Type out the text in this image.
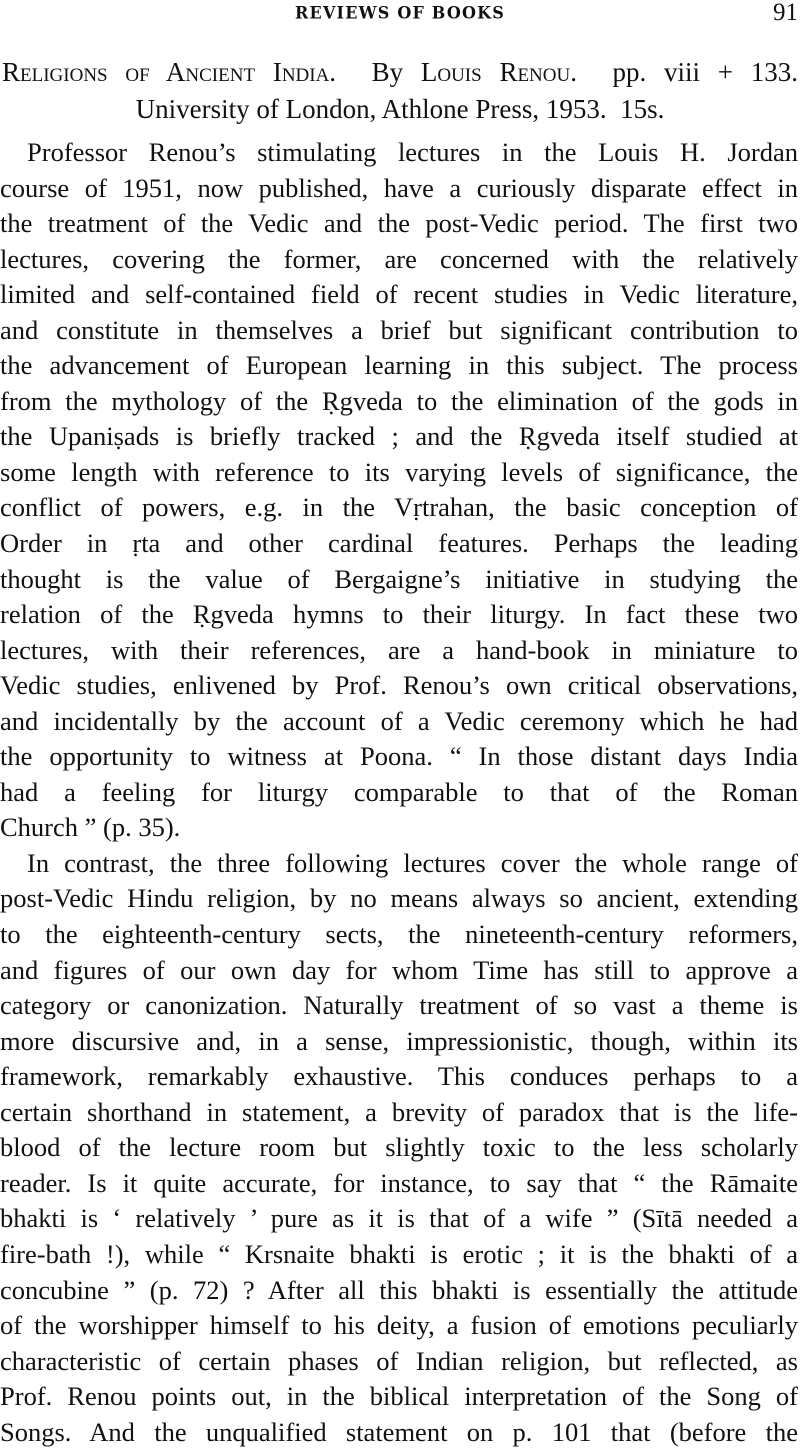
REVIEWS OF BOOKS	91
Religions of Ancient India. By Louis Renou. pp. viii + 133.
University of London, Athlone Press, 1953. 15s.

Professor Renou’s stimulating lectures in the Louis H. Jordan
course of 1951, now published, have a curiously disparate effect in
the treatment of the Vedic and the post-Vedic period. The first two
lectures, covering the former, are concerned with the relatively
limited and self-contained field of recent studies in Vedic literature,
and constitute in themselves a brief but significant contribution to
the advancement of European learning in this subject. The process
from the mythology of the Ṛgveda to the elimination of the gods in
the Upaniṣads is briefly tracked ; and the Ṛgveda itself studied at
some length with reference to its varying levels of significance, the
conflict of powers, e.g. in the Vṛtrahan, the basic conception of
Order in ṛta and other cardinal features. Perhaps the leading
thought is the value of Bergaigne’s initiative in studying the
relation of the Ṛgveda hymns to their liturgy. In fact these two
lectures, with their references, are a hand-book in miniature to
Vedic studies, enlivened by Prof. Renou’s own critical observations,
and incidentally by the account of a Vedic ceremony which he had
the opportunity to witness at Poona. “ In those distant days India
had a feeling for liturgy comparable to that of the Roman
Church ” (p. 35).

In contrast, the three following lectures cover the whole range of
post-Vedic Hindu religion, by no means always so ancient, extending
to the eighteenth-century sects, the nineteenth-century reformers,
and figures of our own day for whom Time has still to approve a
category or canonization. Naturally treatment of so vast a theme is
more discursive and, in a sense, impressionistic, though, within its
framework, remarkably exhaustive. This conduces perhaps to a
certain shorthand in statement, a brevity of paradox that is the life-
blood of the lecture room but slightly toxic to the less scholarly
reader. Is it quite accurate, for instance, to say that “ the Rāmaite
bhakti is ‘ relatively ’ pure as it is that of a wife ” (Sītā needed a
fire-bath !), while “ Krsnaite bhakti is erotic ; it is the bhakti of a
concubine ” (p. 72) ? After all this bhakti is essentially the attitude
of the worshipper himself to his deity, a fusion of emotions peculiarly
characteristic of certain phases of Indian religion, but reflected, as
Prof. Renou points out, in the biblical interpretation of the Song of
Songs. And the unqualified statement on p. 101 that (before the
